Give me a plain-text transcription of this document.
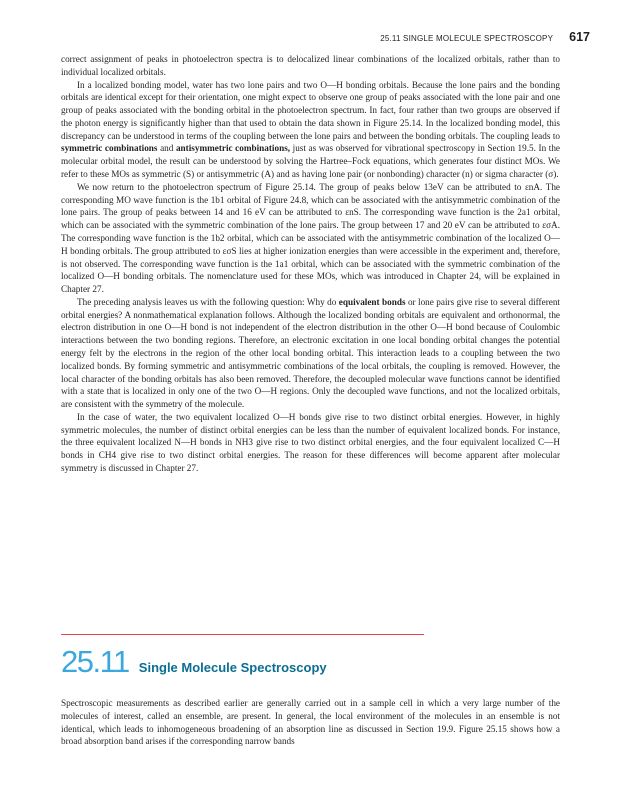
25.11 SINGLE MOLECULE SPECTROSCOPY 617

correct assignment of peaks in photoelectron spectra is to delocalized linear combinations of the localized orbitals, rather than to individual localized orbitals.

In a localized bonding model, water has two lone pairs and two O—H bonding orbitals. Because the lone pairs and the bonding orbitals are identical except for their orientation, one might expect to observe one group of peaks associated with the lone pair and one group of peaks associated with the bonding orbital in the photoelectron spectrum. In fact, four rather than two groups are observed if the photon energy is significantly higher than that used to obtain the data shown in Figure 25.14. In the localized bonding model, this discrepancy can be understood in terms of the coupling between the lone pairs and between the bonding orbitals. The coupling leads to symmetric combinations and antisymmetric combinations, just as was observed for vibrational spectroscopy in Section 19.5. In the molecular orbital model, the result can be understood by solving the Hartree–Fock equations, which generates four distinct MOs. We refer to these MOs as symmetric (S) or antisymmetric (A) and as having lone pair (or nonbonding) character (n) or sigma character (σ).

We now return to the photoelectron spectrum of Figure 25.14. The group of peaks below 13eV can be attributed to εnA. The corresponding MO wave function is the 1b1 orbital of Figure 24.8, which can be associated with the antisymmetric combination of the lone pairs. The group of peaks between 14 and 16 eV can be attributed to εnS. The corresponding wave function is the 2a1 orbital, which can be associated with the symmetric combination of the lone pairs. The group between 17 and 20 eV can be attributed to εσA. The corresponding wave function is the 1b2 orbital, which can be associated with the antisymmetric combination of the localized O—H bonding orbitals. The group attributed to εσS lies at higher ionization energies than were accessible in the experiment and, therefore, is not observed. The corresponding wave function is the 1a1 orbital, which can be associated with the symmetric combination of the localized O—H bonding orbitals. The nomenclature used for these MOs, which was introduced in Chapter 24, will be explained in Chapter 27.

The preceding analysis leaves us with the following question: Why do equivalent bonds or lone pairs give rise to several different orbital energies? A nonmathematical explanation follows. Although the localized bonding orbitals are equivalent and orthonormal, the electron distribution in one O—H bond is not independent of the electron distribution in the other O—H bond because of Coulombic interactions between the two bonding regions. Therefore, an electronic excitation in one local bonding orbital changes the potential energy felt by the electrons in the region of the other local bonding orbital. This interaction leads to a coupling between the two localized bonds. By forming symmetric and antisymmetric combinations of the local orbitals, the coupling is removed. However, the local character of the bonding orbitals has also been removed. Therefore, the decoupled molecular wave functions cannot be identified with a state that is localized in only one of the two O—H regions. Only the decoupled wave functions, and not the localized orbitals, are consistent with the symmetry of the molecule.

In the case of water, the two equivalent localized O—H bonds give rise to two distinct orbital energies. However, in highly symmetric molecules, the number of distinct orbital energies can be less than the number of equivalent localized bonds. For instance, the three equivalent localized N—H bonds in NH3 give rise to two distinct orbital energies, and the four equivalent localized C—H bonds in CH4 give rise to two distinct orbital energies. The reason for these differences will become apparent after molecular symmetry is discussed in Chapter 27.

25.11 Single Molecule Spectroscopy

Spectroscopic measurements as described earlier are generally carried out in a sample cell in which a very large number of the molecules of interest, called an ensemble, are present. In general, the local environment of the molecules in an ensemble is not identical, which leads to inhomogeneous broadening of an absorption line as discussed in Section 19.9. Figure 25.15 shows how a broad absorption band arises if the corresponding narrow bands
